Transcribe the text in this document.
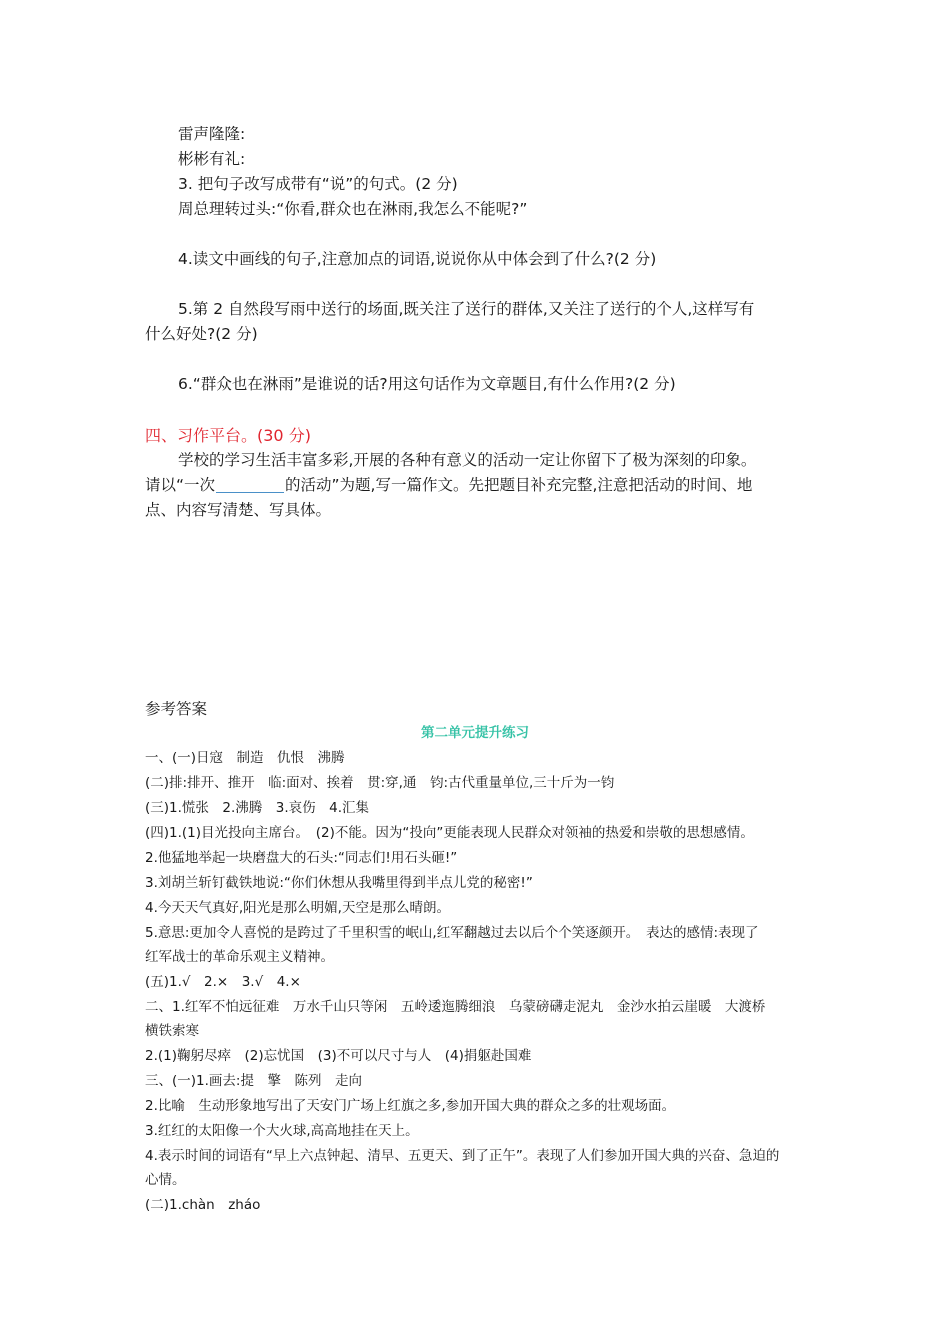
雷声隆隆:
彬彬有礼:
3. 把句子改写成带有“说”的句式。(2 分)
周总理转过头:“你看,群众也在淋雨,我怎么不能呢?”
4.读文中画线的句子,注意加点的词语,说说你从中体会到了什么?(2 分)
5.第 2 自然段写雨中送行的场面,既关注了送行的群体,又关注了送行的个人,这样写有
什么好处?(2 分)
6.“群众也在淋雨”是谁说的话?用这句话作为文章题目,有什么作用?(2 分)
四、习作平台。(30 分)
学校的学习生活丰富多彩,开展的各种有意义的活动一定让你留下了极为深刻的印象。
请以“一次	的活动”为题,写一篇作文。先把题目补充完整,注意把活动的时间、地
点、内容写清楚、写具体。
参考答案
第二单元提升练习
一、(一)日寇　制造　仇恨　沸腾
(二)排:排开、推开　临:面对、挨着　贯:穿,通　钧:古代重量单位,三十斤为一钧
(三)1.慌张　2.沸腾　3.哀伤　4.汇集
(四)1.(1)目光投向主席台。　(2)不能。因为“投向”更能表现人民群众对领袖的热爱和崇敬的思想感情。
2.他猛地举起一块磨盘大的石头:“同志们!用石头砸!”
3.刘胡兰斩钉截铁地说:“你们休想从我嘴里得到半点儿党的秘密!”
4.今天天气真好,阳光是那么明媚,天空是那么晴朗。
5.意思:更加令人喜悦的是跨过了千里积雪的岷山,红军翻越过去以后个个笑逐颜开。　表达的感情:表现了
红军战士的革命乐观主义精神。
(五)1.√　2.×　3.√　4.×
二、1.红军不怕远征难　万水千山只等闲　五岭逶迤腾细浪　乌蒙磅礴走泥丸　金沙水拍云崖暖　大渡桥
横铁索寒
2.(1)鞠躬尽瘁　(2)忘忧国　(3)不可以尺寸与人　(4)捐躯赴国难
三、(一)1.画去:提　擎　陈列　走向
2.比喻　生动形象地写出了天安门广场上红旗之多,参加开国大典的群众之多的壮观场面。
3.红红的太阳像一个大火球,高高地挂在天上。
4.表示时间的词语有“早上六点钟起、清早、五更天、到了正午”。表现了人们参加开国大典的兴奋、急迫的
心情。
(二)1.chàn　zháo
